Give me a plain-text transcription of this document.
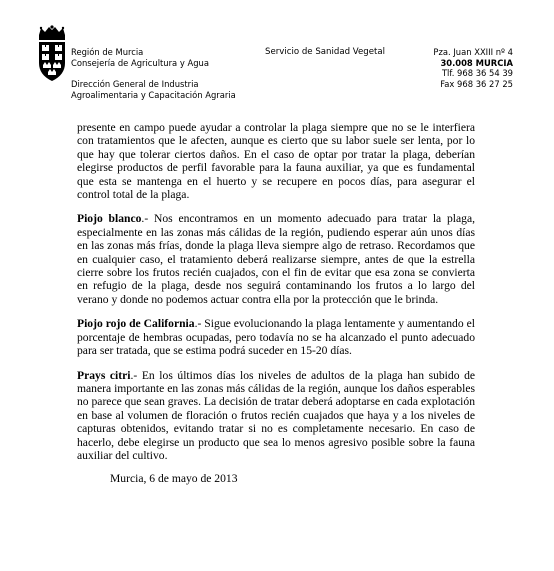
Región de Murcia
Consejería de Agricultura y Agua
Dirección General de Industria
Agroalimentaria y Capacitación Agraria
Servicio de Sanidad Vegetal	Pza. Juan XXIII nº 4
30.008 MURCIA
Tlf. 968 36 54 39
Fax 968 36 27 25

presente en campo puede ayudar a controlar la plaga siempre que no se le interfiera con tratamientos que le afecten, aunque es cierto que su labor suele ser lenta, por lo que hay que tolerar ciertos daños. En el caso de optar por tratar la plaga, deberían elegirse productos de perfil favorable para la fauna auxiliar, ya que es fundamental que esta se mantenga en el huerto y se recupere en pocos días, para asegurar el control total de la plaga.

Piojo blanco.- Nos encontramos en un momento adecuado para tratar la plaga, especialmente en las zonas más cálidas de la región, pudiendo esperar aún unos días en las zonas más frías, donde la plaga lleva siempre algo de retraso. Recordamos que en cualquier caso, el tratamiento deberá realizarse siempre, antes de que la estrella cierre sobre los frutos recién cuajados, con el fin de evitar que esa zona se convierta en refugio de la plaga, desde nos seguirá contaminando los frutos a lo largo del verano y donde no podemos actuar contra ella por la protección que le brinda.

Piojo rojo de California.- Sigue evolucionando la plaga lentamente y aumentando el porcentaje de hembras ocupadas, pero todavía no se ha alcanzado el punto adecuado para ser tratada, que se estima podrá suceder en 15-20 días.

Prays citri.- En los últimos días los niveles de adultos de la plaga han subido de manera importante en las zonas más cálidas de la región, aunque los daños esperables no parece que sean graves. La decisión de tratar deberá adoptarse en cada explotación en base al volumen de floración o frutos recién cuajados que haya y a los niveles de capturas obtenidos, evitando tratar si no es completamente necesario. En caso de hacerlo, debe elegirse un producto que sea lo menos agresivo posible sobre la fauna auxiliar del cultivo.

Murcia, 6 de mayo de 2013
